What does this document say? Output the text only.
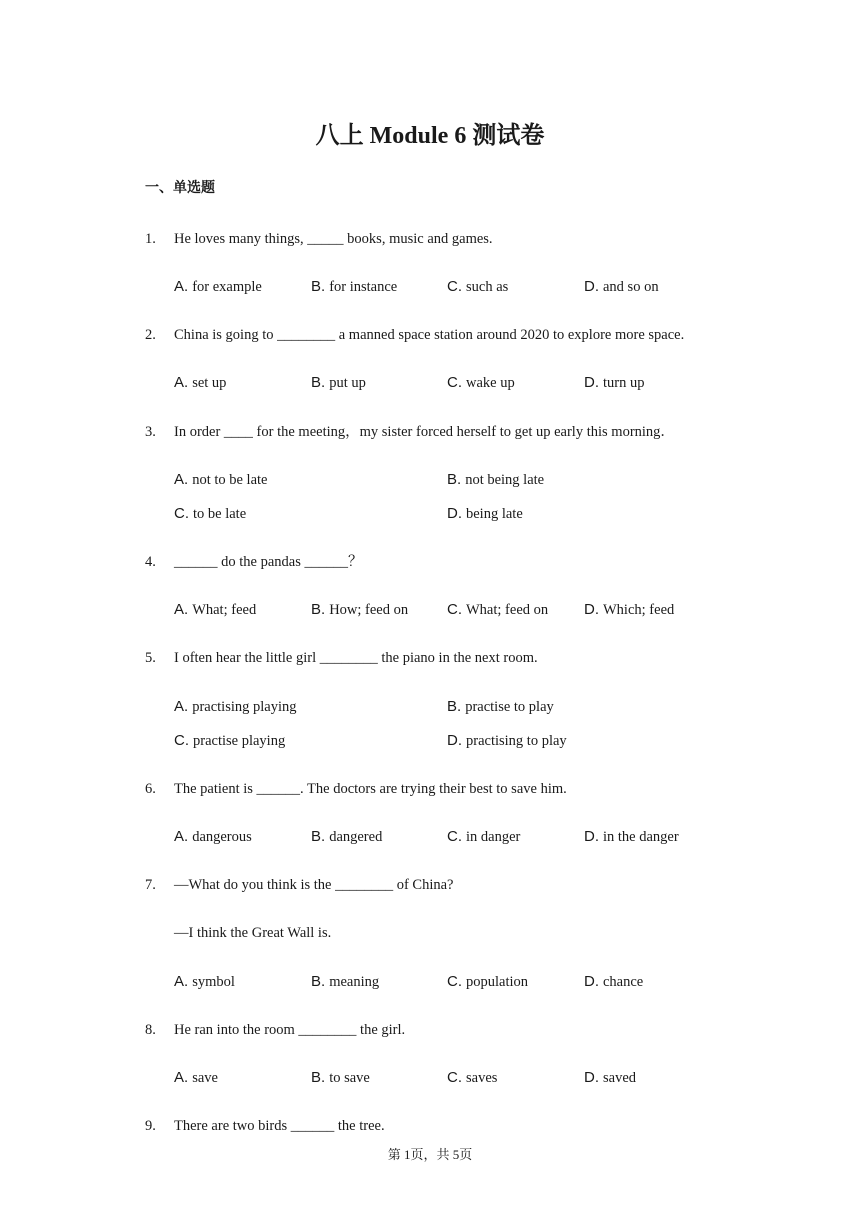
八上 Module 6 测试卷
一、单选题
1. He loves many things, _____ books, music and games.
A. for example	B. for instance	C. such as	D. and so on
2. China is going to ________ a manned space station around 2020 to explore more space.
A. set up	B. put up	C. wake up	D. turn up
3. In order ____ for the meeting，my sister forced herself to get up early this morning．
A. not to be late	B. not being late
C. to be late	D. being late
4. ______ do the pandas ______？
A. What; feed	B. How; feed on	C. What; feed on D. Which; feed
5. I often hear the little girl ________ the piano in the next room.
A. practising playing	B. practise to play
C. practise playing	D. practising to play
6. The patient is ______. The doctors are trying their best to save him.
A. dangerous	B. dangered	C. in danger	D. in the danger
7. —What do you think is the ________ of China?
—I think the Great Wall is.
A. symbol	B. meaning	C. population	D. chance
8. He ran into the room ________ the girl.
A. save	B. to save	C. saves	D. saved
9. There are two birds ______ the tree.
第 1页，共 5页
